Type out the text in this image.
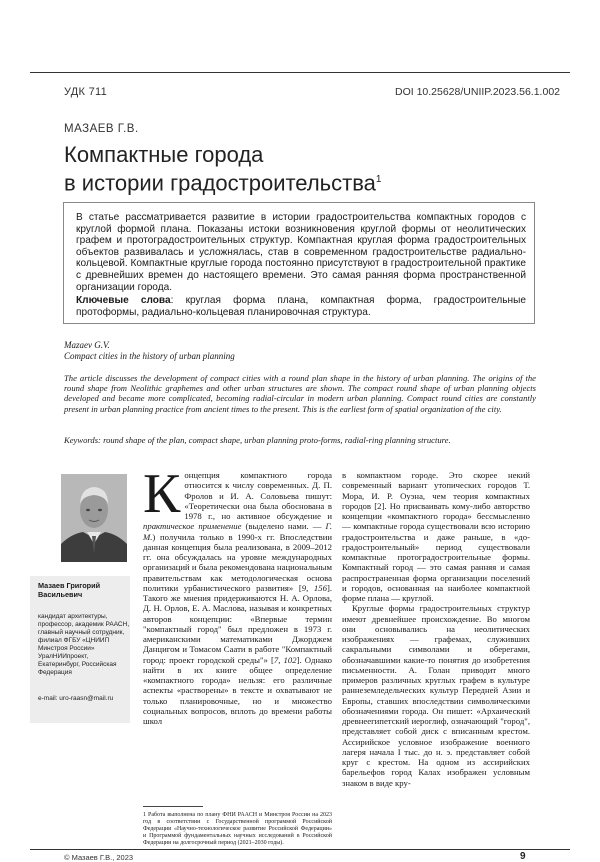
УДК 711	DOI 10.25628/UNIIP.2023.56.1.002
МАЗАЕВ Г.В.
Компактные города
в истории градостроительства$^1$
В статье рассматривается развитие в истории градостроительства компактных городов с круглой формой плана. Показаны истоки возникновения круглой формы от неолитических графем и протоградостроительных структур. Компактная круглая форма градостроительных объектов развивалась и усложнялась, став в современном градостроительстве радиально-кольцевой. Компактные круглые города постоянно присутствуют в градостроительной практике с древнейших времен до настоящего времени. Это самая ранняя форма пространственной организации города.
Ключевые слова: круглая форма плана, компактная форма, градостроительные протоформы, радиально-кольцевая планировочная структура.
Mazaev G.V.
Compact cities in the history of urban planning
The article discusses the development of compact cities with a round plan shape in the history of urban planning. The origins of the round shape from Neolithic graphemes and other urban structures are shown. The compact round shape of urban planning objects developed and became more complicated, becoming radial-circular in modern urban planning. Compact round cities are constantly present in urban planning practice from ancient times to the present. This is the earliest form of spatial organization of the city.
Keywords: round shape of the plan, compact shape, urban planning proto-forms, radial-ring planning structure.
Мазаев Григорий Васильевич
кандидат архитектуры, профессор, академик РААСН, главный научный сотрудник, филиал ФГБУ «ЦНИИП Минстроя России» УралНИИпроект, Екатеринбург, Российская Федерация
e-mail: uro-raasn@mail.ru

Концепция компактного города относится к числу современных. Д. П. Фролов и И. А. Соловьева пишут: «Теоретически она была обоснована в 1978 г., но активное обсуждение и практическое применение (выделено нами. — Г. М.) получила только в 1990-х гг. Впоследствии данная концепция была реализована, в 2009–2012 гг. она обсуждалась на уровне международных организаций и была рекомендована национальным правительствам как методологическая основа политики урбанистического развития» [9, 156]. Такого же мнения придерживаются Н. А. Орлова, Д. Н. Орлов, Е. А. Маслова, называя и конкретных авторов концепции: «Впервые термин "компактный город" был предложен в 1973 г. американскими математиками Джорджем Данцигом и Томасом Саати в работе "Компактный город: проект городской среды"» [7, 102]. Однако найти в их книге общее определение «компактного города» нельзя: его различные аспекты «растворены» в тексте и охватывают не только планировочные, но и множество социальных вопросов, вплоть до времени работы школ

в компактном городе. Это скорее некий современный вариант утопических городов Т. Мора, И. Р. Оуэна, чем теория компактных городов [2]. Но присваивать кому-либо авторство концепции «компактного города» бессмысленно — компактные города существовали всю историю градостроительства и даже раньше, в «до-градостроительный» период существовали компактные протоградостроительные формы. Компактный город — это самая ранняя и самая распространенная форма организации поселений и городов, основанная на наиболее компактной форме плана — круглой.

Круглые формы градостроительных структур имеют древнейшее происхождение. Во многом они основывались на неолитических изображениях — графемах, служивших сакральными символами и оберегами, обозначавшими какие-то понятия до изобретения письменности. А. Голан приводит много примеров различных круглых графем в культуре раннеземледельческих культур Передней Азии и Европы, ставших впоследствии символическими обозначениями города. Он пишет: «Архаический древнеегипетский иероглиф, означающий "город", представляет собой диск с вписанным крестом. Ассирийское условное изображение военного лагеря начала I тыс. до н. э. представляет собой круг с крестом. На одном из ассирийских барельефов город Калах изображен условным знаком в виде кру-

1 Работа выполнена по плану ФНИ РААСН и Минстроя России на 2023 год в соответствии с Государственной программой Российской Федерации «Научно-технологическое развитие Российской Федерации» и Программой фундаментальных научных исследований в Российской Федерации на долгосрочный период (2021–2030 годы).
© Мазаев Г.В., 2023	9
